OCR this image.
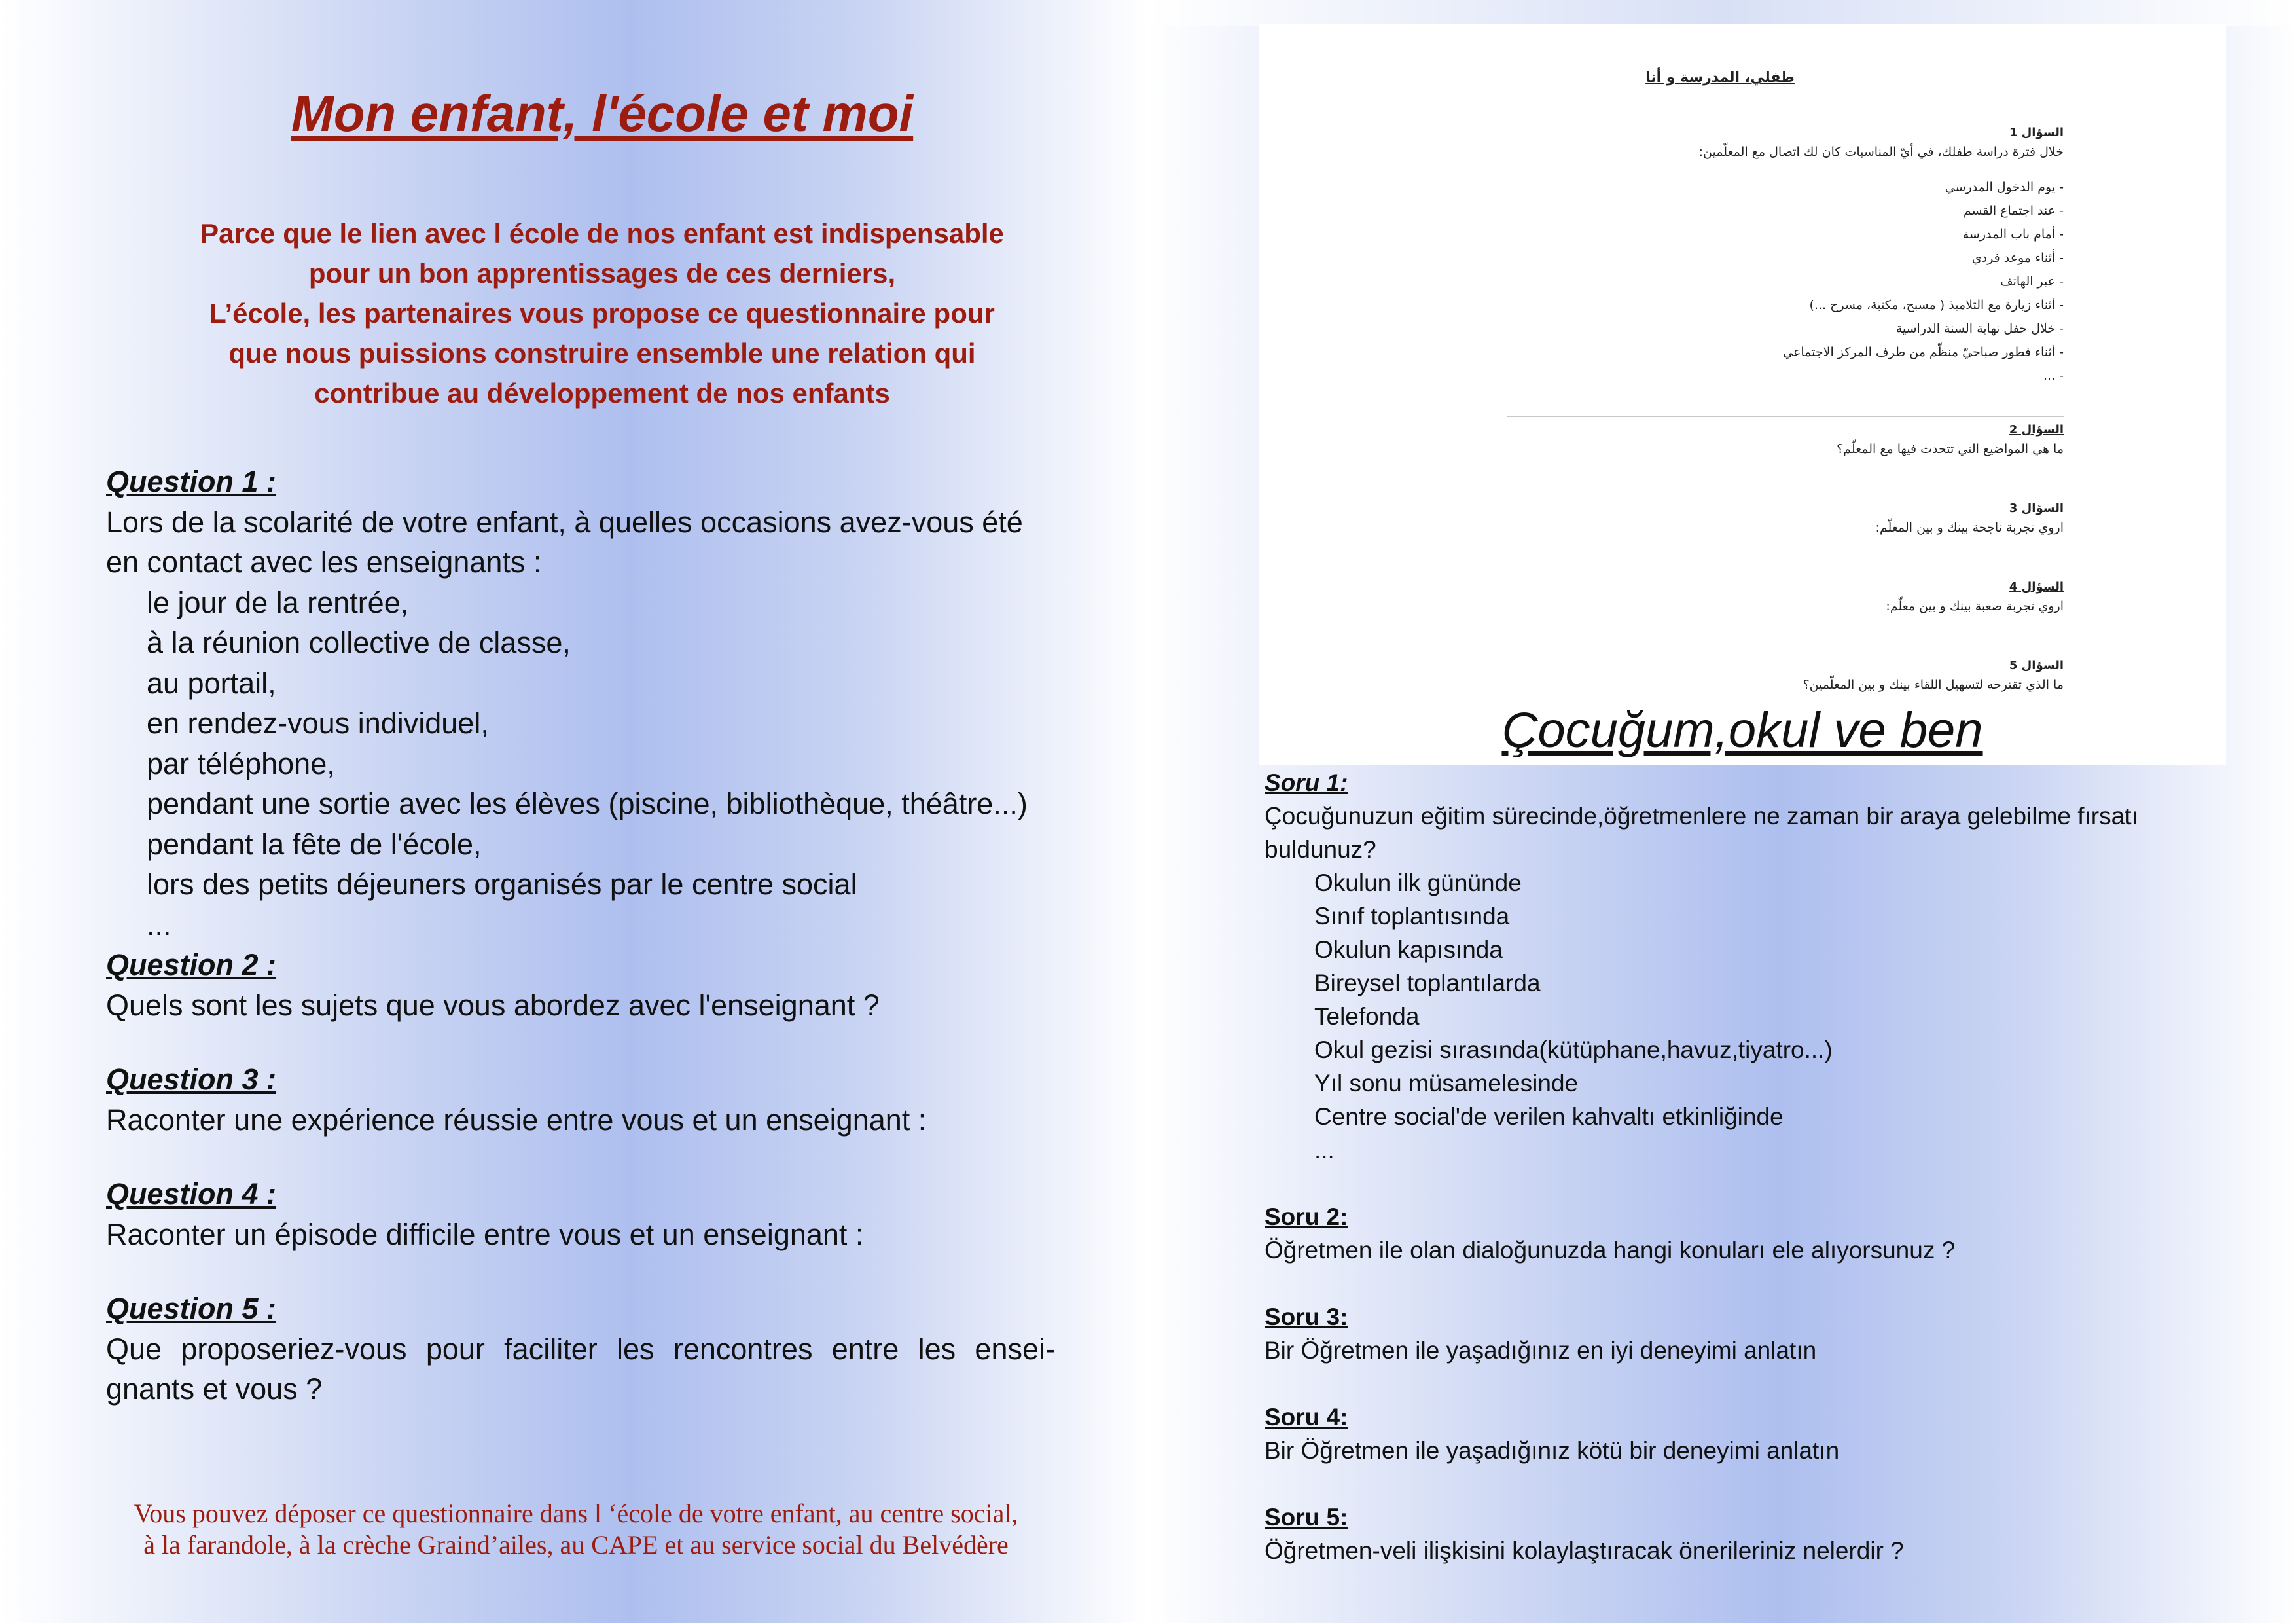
Mon enfant, l'école et moi
Parce que le lien avec l école de nos enfant est indispensable
pour un bon apprentissages de ces derniers,
L’école, les partenaires vous propose ce questionnaire pour
que nous puissions construire ensemble une relation qui
contribue au développement de nos enfants

Question 1 :

Lors de la scolarité de votre enfant, à quelles occasions avez-vous été en contact avec les enseignants :

le jour de la rentrée,
à la réunion collective de classe,
au portail,
en rendez-vous individuel,
par téléphone,
pendant une sortie avec les élèves (piscine, bibliothèque, théâtre...)
pendant la fête de l'école,
lors des petits déjeuners organisés par le centre social
...

Question 2 :

Quels sont les sujets que vous abordez avec l'enseignant ?

Question 3 :

Raconter une expérience réussie entre vous et un enseignant :

Question 4 :

Raconter un épisode difficile entre vous et un enseignant :

Question 5 :

Que proposeriez-vous pour faciliter les rencontres entre les ensei-gnants et vous ?

Vous pouvez déposer ce questionnaire dans l ‘école de votre enfant, au centre social,
à la farandole, à la crèche Graind’ailes, au CAPE et au service social du Belvédère
طفلي، المدرسة و أنا
السؤال 1
خلال فترة دراسة طفلك، في أيّ المناسبات كان لك اتصال مع المعلّمين:
- يوم الدخول المدرسي
- عند اجتماع القسم
- أمام باب المدرسة
- أثناء موعد فردي
- عبر الهاتف
- أثناء زيارة مع التلاميذ ( مسبح، مكتبة، مسرح ...)
- خلال حفل نهاية السنة الدراسية
- أثناء فطور صباحيّ منظّم من طرف المركز الاجتماعي
- ...
السؤال 2
ما هي المواضيع التي تتحدث فيها مع المعلّم؟
السؤال 3
اروي تجربة ناجحة بينك و بين المعلّم:
السؤال 4
اروي تجربة صعبة بينك و بين معلّم:
السؤال 5
ما الذي تقترحه لتسهيل اللقاء بينك و بين المعلّمين؟
Çocuğum,okul ve ben

Soru 1:

Çocuğunuzun eğitim sürecinde,öğretmenlere ne zaman bir araya gelebilme fırsatı buldunuz?

Okulun ilk gününde
Sınıf toplantısında
Okulun kapısında
Bireysel toplantılarda
Telefonda
Okul gezisi sırasında(kütüphane,havuz,tiyatro...)
Yıl sonu müsamelesinde
Centre social'de verilen kahvaltı etkinliğinde
...

Soru 2:

Öğretmen ile olan dialoğunuzda hangi konuları ele alıyorsunuz ?

Soru 3:

Bir Öğretmen ile yaşadığınız en iyi deneyimi anlatın

Soru 4:

Bir Öğretmen ile yaşadığınız kötü bir deneyimi anlatın

Soru 5:

Öğretmen-veli ilişkisini kolaylaştıracak önerileriniz nelerdir ?
